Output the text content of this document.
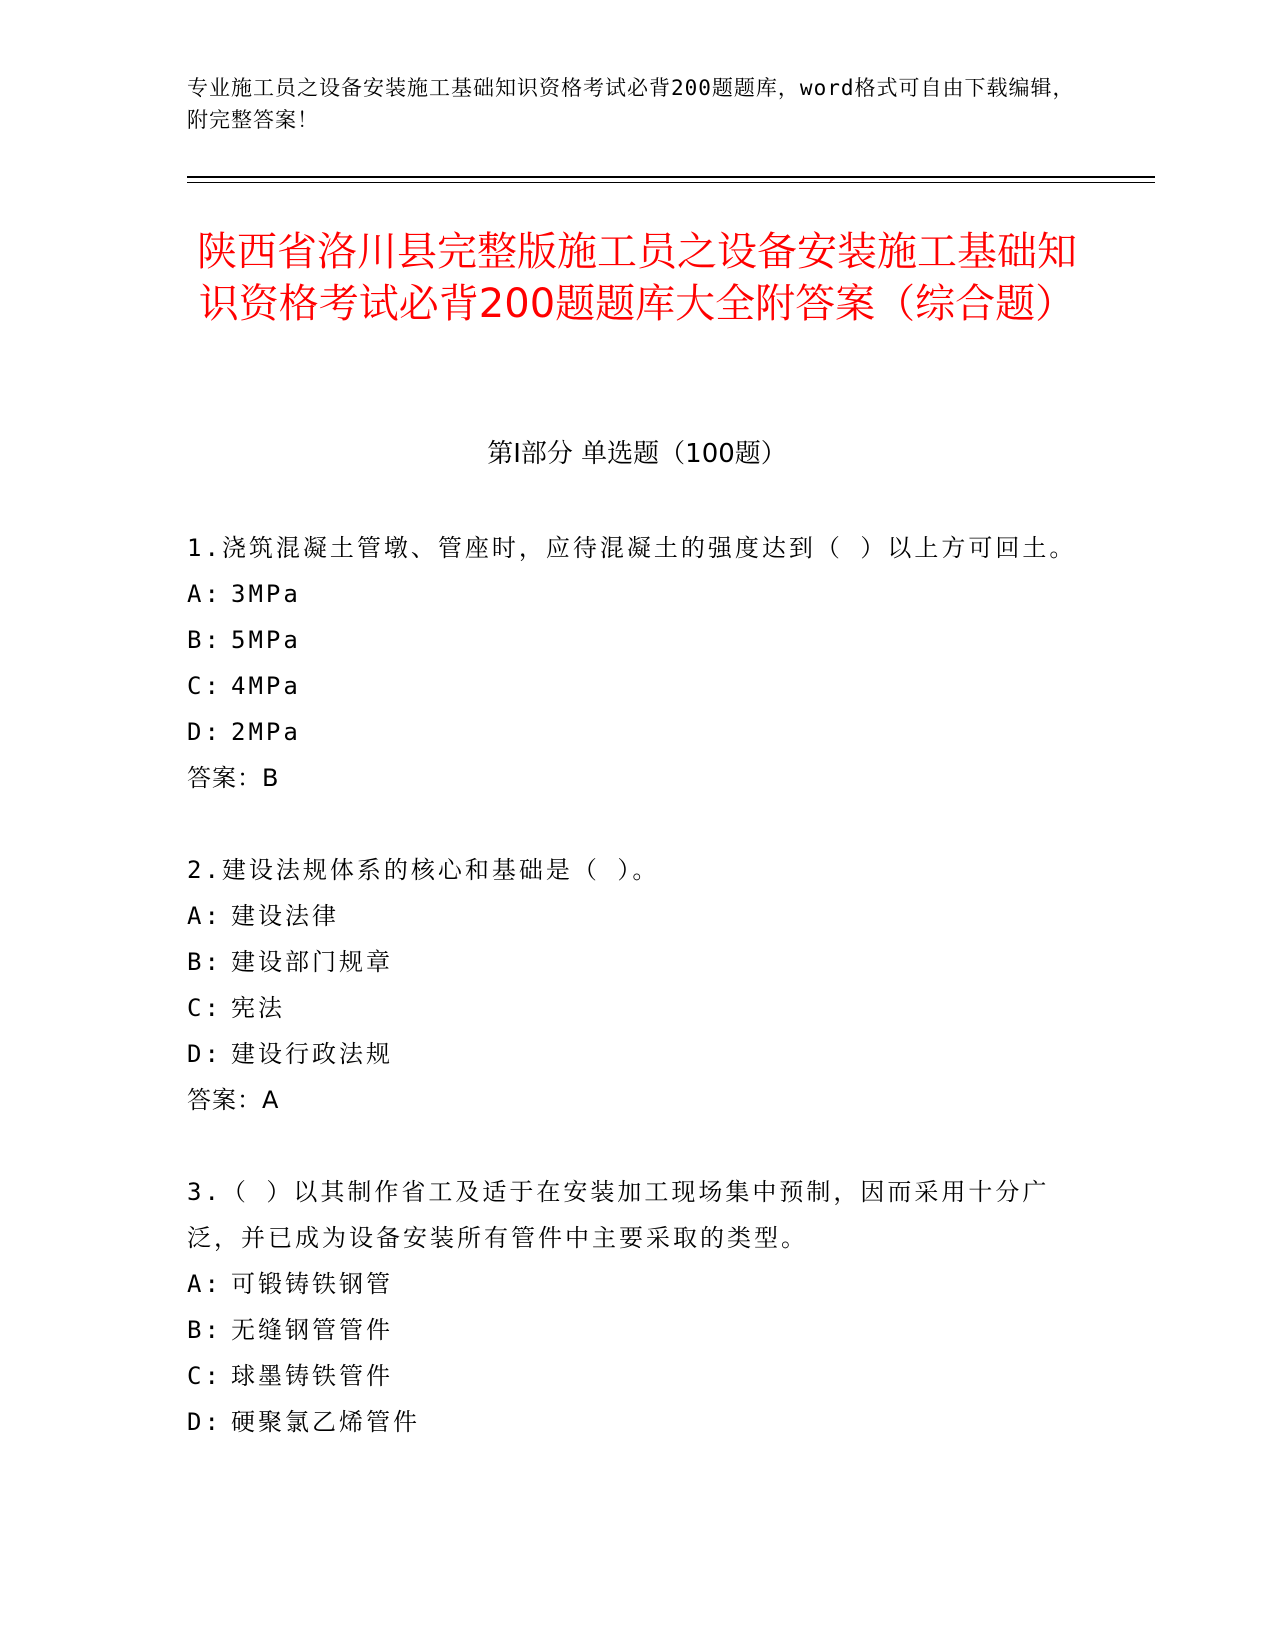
专业施工员之设备安装施工基础知识资格考试必背200题题库，word格式可自由下载编辑，附完整答案！
陕西省洛川县完整版施工员之设备安装施工基础知识资格考试必背200题题库大全附答案（综合题）
第Ⅰ部分 单选题（100题）
1.浇筑混凝土管墩、管座时，应待混凝土的强度达到（ ）以上方可回土。
A: 3MPa
B: 5MPa
C: 4MPa
D: 2MPa
答案：B
2.建设法规体系的核心和基础是（ ）。
A: 建设法律
B: 建设部门规章
C: 宪法
D: 建设行政法规
答案：A
3.（ ）以其制作省工及适于在安装加工现场集中预制，因而采用十分广泛，并已成为设备安装所有管件中主要采取的类型。
A: 可锻铸铁钢管
B: 无缝钢管管件
C: 球墨铸铁管件
D: 硬聚氯乙烯管件
